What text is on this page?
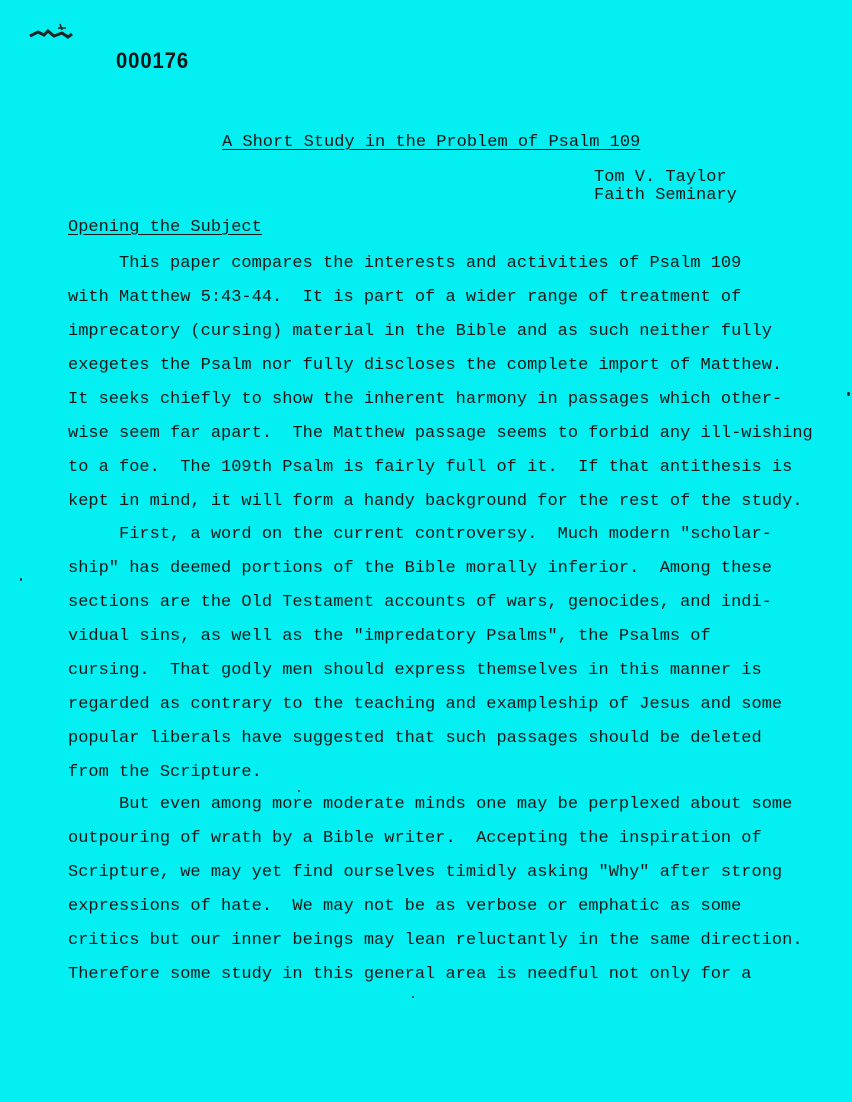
000176
A Short Study in the Problem of Psalm 109
Tom V. Taylor
Faith Seminary
Opening the Subject
This paper compares the interests and activities of Psalm 109
with Matthew 5:43-44.  It is part of a wider range of treatment of
imprecatory (cursing) material in the Bible and as such neither fully
exegetes the Psalm nor fully discloses the complete import of Matthew.
It seeks chiefly to show the inherent harmony in passages which other-
wise seem far apart.  The Matthew passage seems to forbid any ill-wishing
to a foe.  The 109th Psalm is fairly full of it.  If that antithesis is
kept in mind, it will form a handy background for the rest of the study.
First, a word on the current controversy.  Much modern "scholar-
ship" has deemed portions of the Bible morally inferior.  Among these
sections are the Old Testament accounts of wars, genocides, and indi-
vidual sins, as well as the "impredatory Psalms", the Psalms of
cursing.  That godly men should express themselves in this manner is
regarded as contrary to the teaching and exampleship of Jesus and some
popular liberals have suggested that such passages should be deleted
from the Scripture.
But even among more moderate minds one may be perplexed about some
outpouring of wrath by a Bible writer.  Accepting the inspiration of
Scripture, we may yet find ourselves timidly asking "Why" after strong
expressions of hate.  We may not be as verbose or emphatic as some
critics but our inner beings may lean reluctantly in the same direction.
Therefore some study in this general area is needful not only for a
